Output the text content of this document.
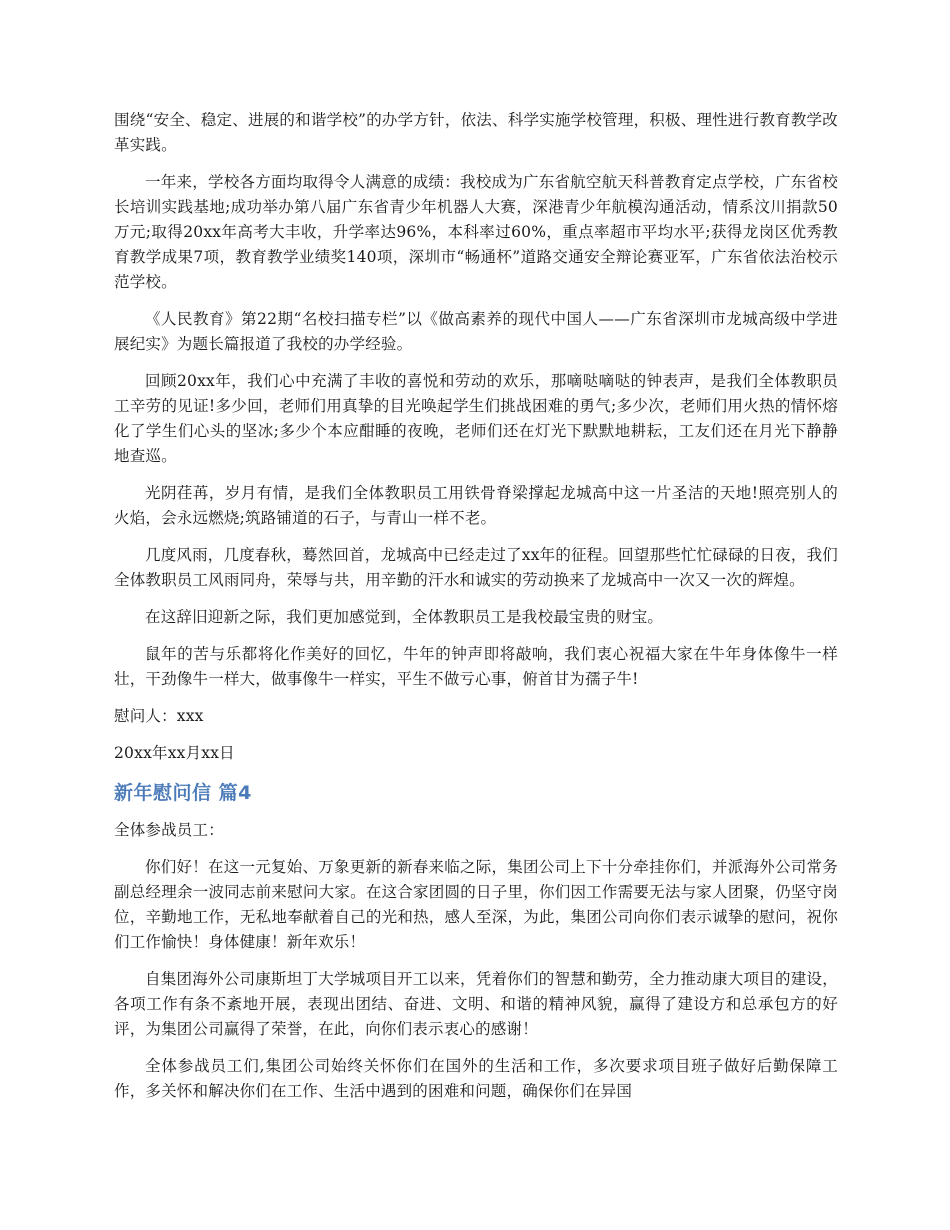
围绕“安全、稳定、进展的和谐学校”的办学方针，依法、科学实施学校管理，积极、理性进行教育教学改革实践。

一年来，学校各方面均取得令人满意的成绩：我校成为广东省航空航天科普教育定点学校，广东省校长培训实践基地;成功举办第八届广东省青少年机器人大赛，深港青少年航模沟通活动，情系汶川捐款50万元;取得20xx年高考大丰收，升学率达96%，本科率过60%，重点率超市平均水平;获得龙岗区优秀教育教学成果7项，教育教学业绩奖140项，深圳市“畅通杯”道路交通安全辩论赛亚军，广东省依法治校示范学校。

《人民教育》第22期“名校扫描专栏”以《做高素养的现代中国人——广东省深圳市龙城高级中学进展纪实》为题长篇报道了我校的办学经验。

回顾20xx年，我们心中充满了丰收的喜悦和劳动的欢乐，那嘀哒嘀哒的钟表声，是我们全体教职员工辛劳的见证!多少回，老师们用真挚的目光唤起学生们挑战困难的勇气;多少次，老师们用火热的情怀熔化了学生们心头的坚冰;多少个本应酣睡的夜晚，老师们还在灯光下默默地耕耘，工友们还在月光下静静地查巡。

光阴荏苒，岁月有情，是我们全体教职员工用铁骨脊梁撑起龙城高中这一片圣洁的天地!照亮别人的火焰，会永远燃烧;筑路铺道的石子，与青山一样不老。

几度风雨，几度春秋，蓦然回首，龙城高中已经走过了xx年的征程。回望那些忙忙碌碌的日夜，我们全体教职员工风雨同舟，荣辱与共，用辛勤的汗水和诚实的劳动换来了龙城高中一次又一次的辉煌。

在这辞旧迎新之际，我们更加感觉到，全体教职员工是我校最宝贵的财宝。

鼠年的苦与乐都将化作美好的回忆，牛年的钟声即将敲响，我们衷心祝福大家在牛年身体像牛一样壮，干劲像牛一样大，做事像牛一样实，平生不做亏心事，俯首甘为孺子牛!

慰问人：xxx

20xx年xx月xx日

新年慰问信 篇4

全体参战员工：

你们好！在这一元复始、万象更新的新春来临之际，集团公司上下十分牵挂你们，并派海外公司常务副总经理余一波同志前来慰问大家。在这合家团圆的日子里，你们因工作需要无法与家人团聚，仍坚守岗位，辛勤地工作，无私地奉献着自己的光和热，感人至深，为此，集团公司向你们表示诚挚的慰问，祝你们工作愉快！身体健康！新年欢乐！

自集团海外公司康斯坦丁大学城项目开工以来，凭着你们的智慧和勤劳，全力推动康大项目的建设，各项工作有条不紊地开展，表现出团结、奋进、文明、和谐的精神风貌，赢得了建设方和总承包方的好评，为集团公司赢得了荣誉，在此，向你们表示衷心的感谢！

全体参战员工们,集团公司始终关怀你们在国外的生活和工作，多次要求项目班子做好后勤保障工作，多关怀和解决你们在工作、生活中遇到的困难和问题，确保你们在异国
